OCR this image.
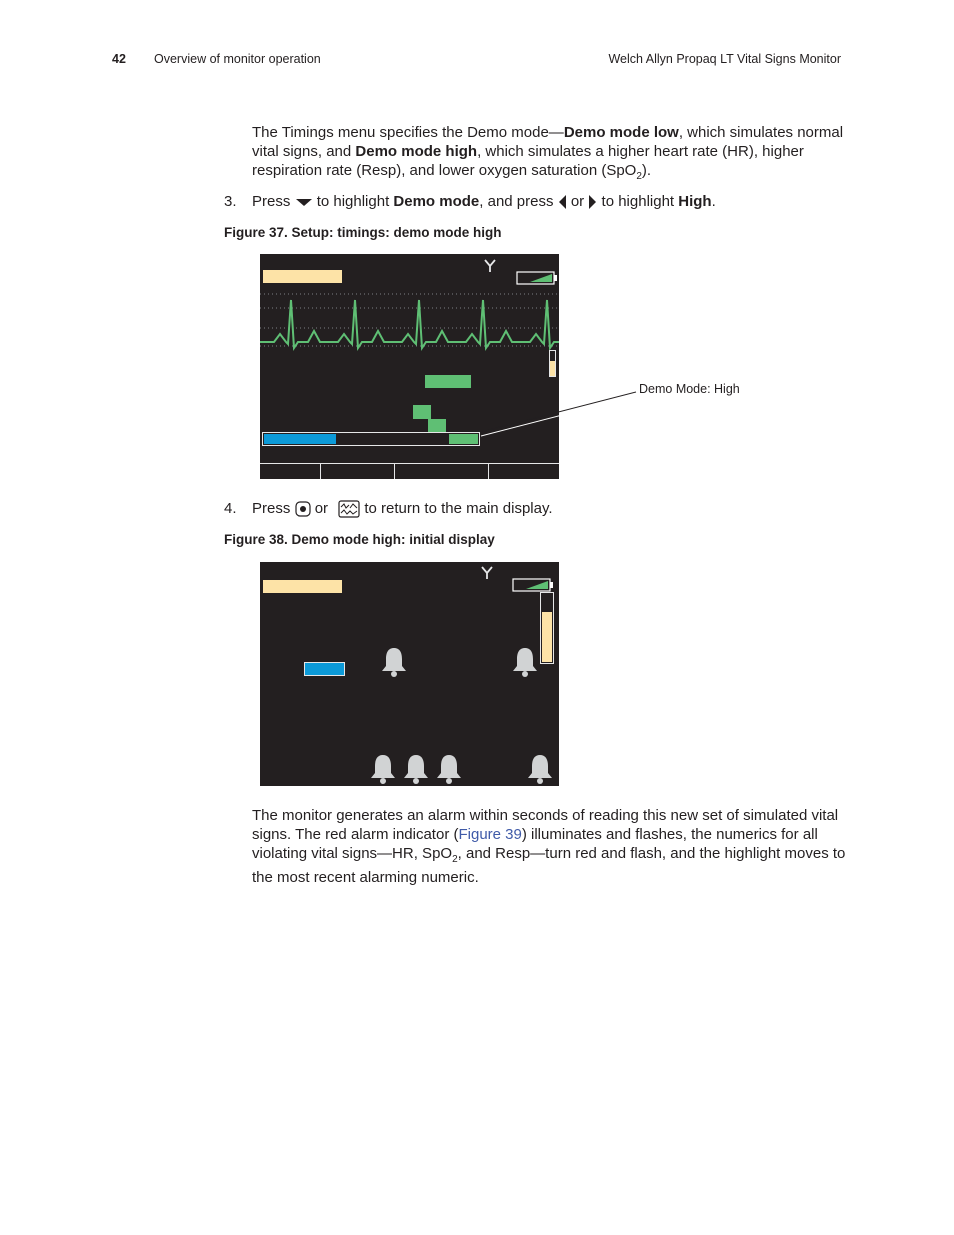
42 Overview of monitor operation	Welch Allyn Propaq LT Vital Signs Monitor
The Timings menu specifies the Demo mode—Demo mode low, which simulates normal vital signs, and Demo mode high, which simulates a higher heart rate (HR), higher respiration rate (Resp), and lower oxygen saturation (SpO$_2$).
3. Press to highlight Demo mode, and press or to highlight High.
Figure 37. Setup: timings: demo mode high
Demo Mode: High
4. Press or to return to the main display.
Figure 38. Demo mode high: initial display
The monitor generates an alarm within seconds of reading this new set of simulated vital signs. The red alarm indicator (Figure 39) illuminates and flashes, the numerics for all violating vital signs—HR, SpO$_2$, and Resp—turn red and flash, and the highlight moves to the most recent alarming numeric.
